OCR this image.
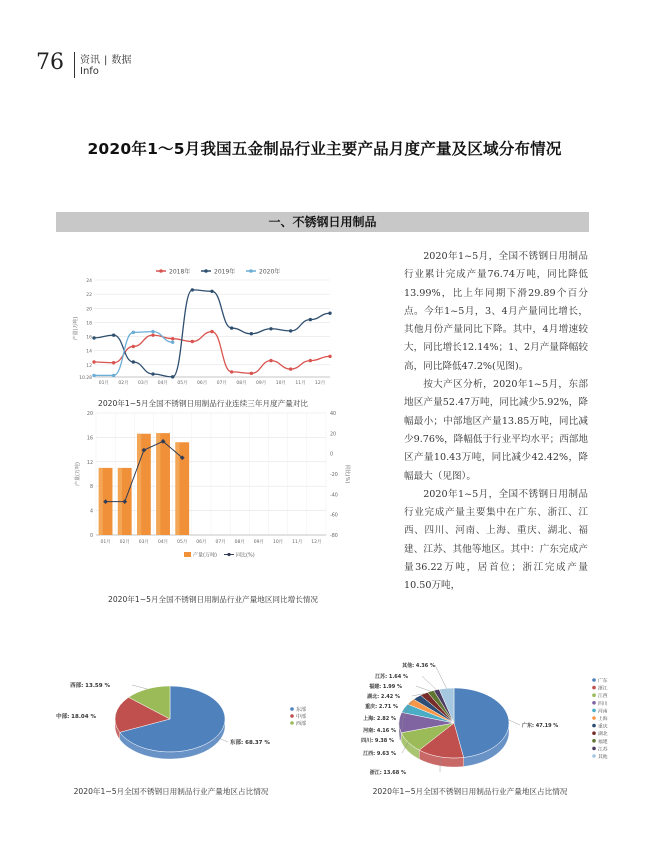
76 资讯 | 数据
Info
2020年1～5月我国五金制品行业主要产品月度产量及区域分布情况
一、不锈钢日用制品
2018年	2019年	2020年
24
22
20
18
16
14
12
10.28
01月 02月 03月 04月 05月 06月 07月 08月 09月 10月 11月 12月
产量(万吨)
2020年1~5月全国不锈钢日用制品行业连续三年月度产量对比
20
16
12
8
4
0
40
20
0
-20
-40
-60
-80
01月 02月 03月 04月 05月 06月 07月 08月 09月 10月 11月 12月
产量(万吨)	同比(%)
产量(万吨)	同比(%)
2020年1~5月全国不锈钢日用制品行业产量地区同比增长情况

2020年1~5月，全国不锈钢日用制品行业累计完成产量76.74万吨，同比降低13.99%，比上年同期下滑29.89个百分点。今年1~5月，3、4月产量同比增长，其他月份产量同比下降。其中，4月增速较大，同比增长12.14%；1、2月产量降幅较高，同比降低47.2%(见图)。

按大产区分析，2020年1~5月，东部地区产量52.47万吨，同比减少5.92%，降幅最小；中部地区产量13.85万吨，同比减少9.76%，降幅低于行业平均水平；西部地区产量10.43万吨，同比减少42.42%，降幅最大（见图）。

2020年1~5月，全国不锈钢日用制品行业完成产量主要集中在广东、浙江、江西、四川、河南、上海、重庆、湖北、福建、江苏、其他等地区。其中：广东完成产量36.22万吨，居首位；浙江完成产量10.50万吨，

东部: 68.37 %
中部: 18.04 %
西部: 13.59 %
东部
中部
西部
2020年1~5月全国不锈钢日用制品行业产量地区占比情况
广东: 47.19 %
浙江: 13.68 %
江西: 9.63 %
四川: 9.38 %
河南: 4.16 %
上海: 2.82 %
重庆: 2.71 %
湖北: 2.42 %
福建: 1.99 %
江苏: 1.64 %
其他: 4.36 %
广东
浙江
江西
四川
河南
上海
重庆
湖北
福建
江苏
其他
2020年1~5月全国不锈钢日用制品行业产量地区占比情况
